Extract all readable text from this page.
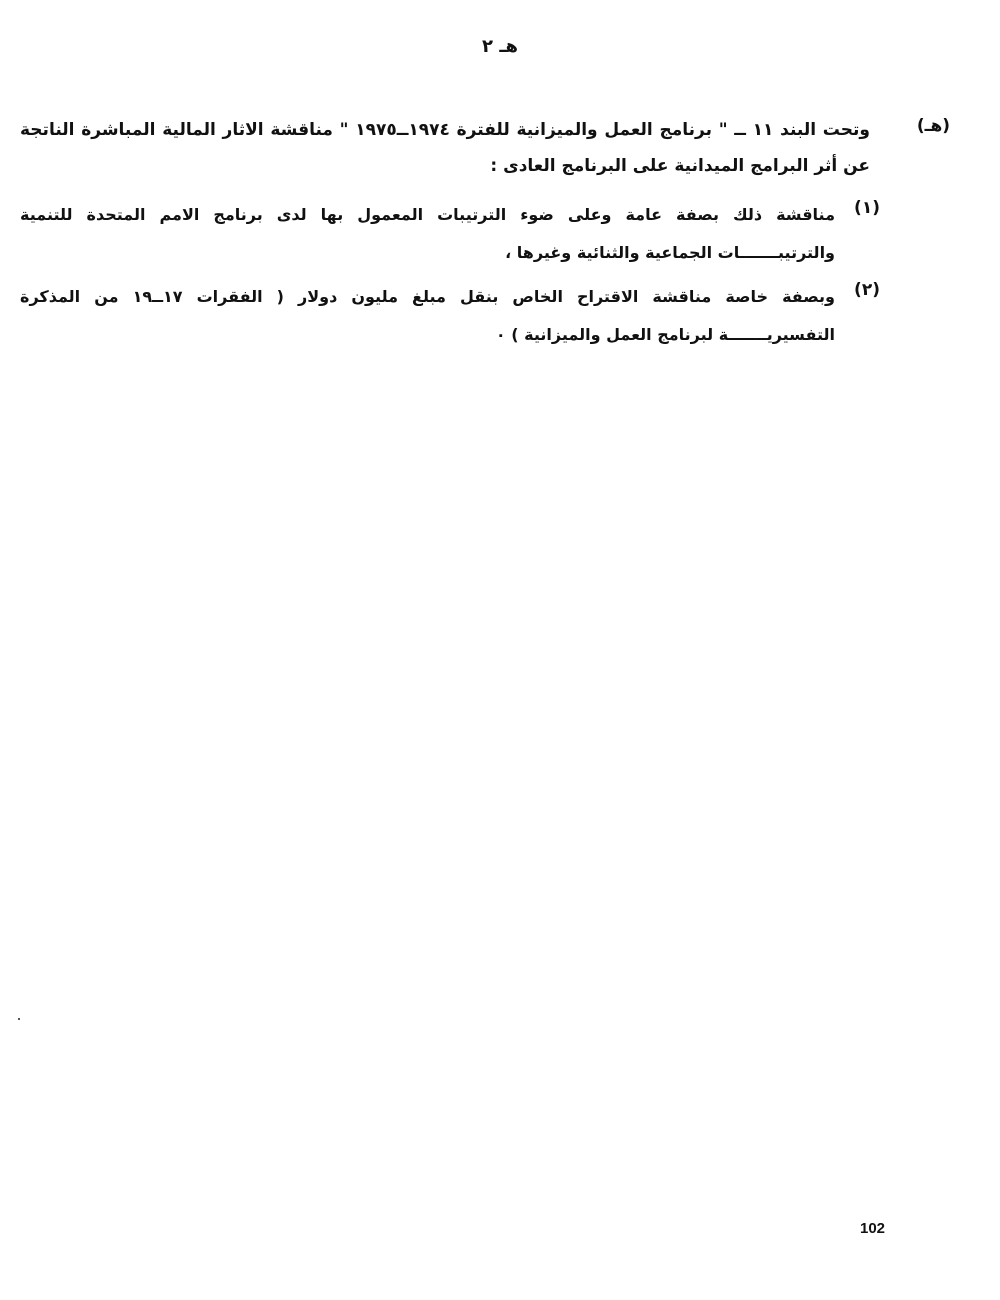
هـ ٢
(هـ)
وتحت البند ١١ ــ " برنامج العمل والميزانية للفترة ١٩٧٤ــ١٩٧٥ " مناقشة الاثار المالية المباشرة الناتجة عن أثر البرامج الميدانية على البرنامج العادى :
(١)
مناقشة ذلك بصفة عامة وعلى ضوء الترتيبات المعمول بها لدى برنامج الامم المتحدة للتنمية والترتيبـــــــات الجماعية والثنائية وغيرها ،
(٢)
وبصفة خاصة مناقشة الاقتراح الخاص بنقل مبلغ مليون دولار ( الفقرات ١٧ــ١٩ من المذكرة التفسيريـــــــة لبرنامج العمل والميزانية ) ٠
102
